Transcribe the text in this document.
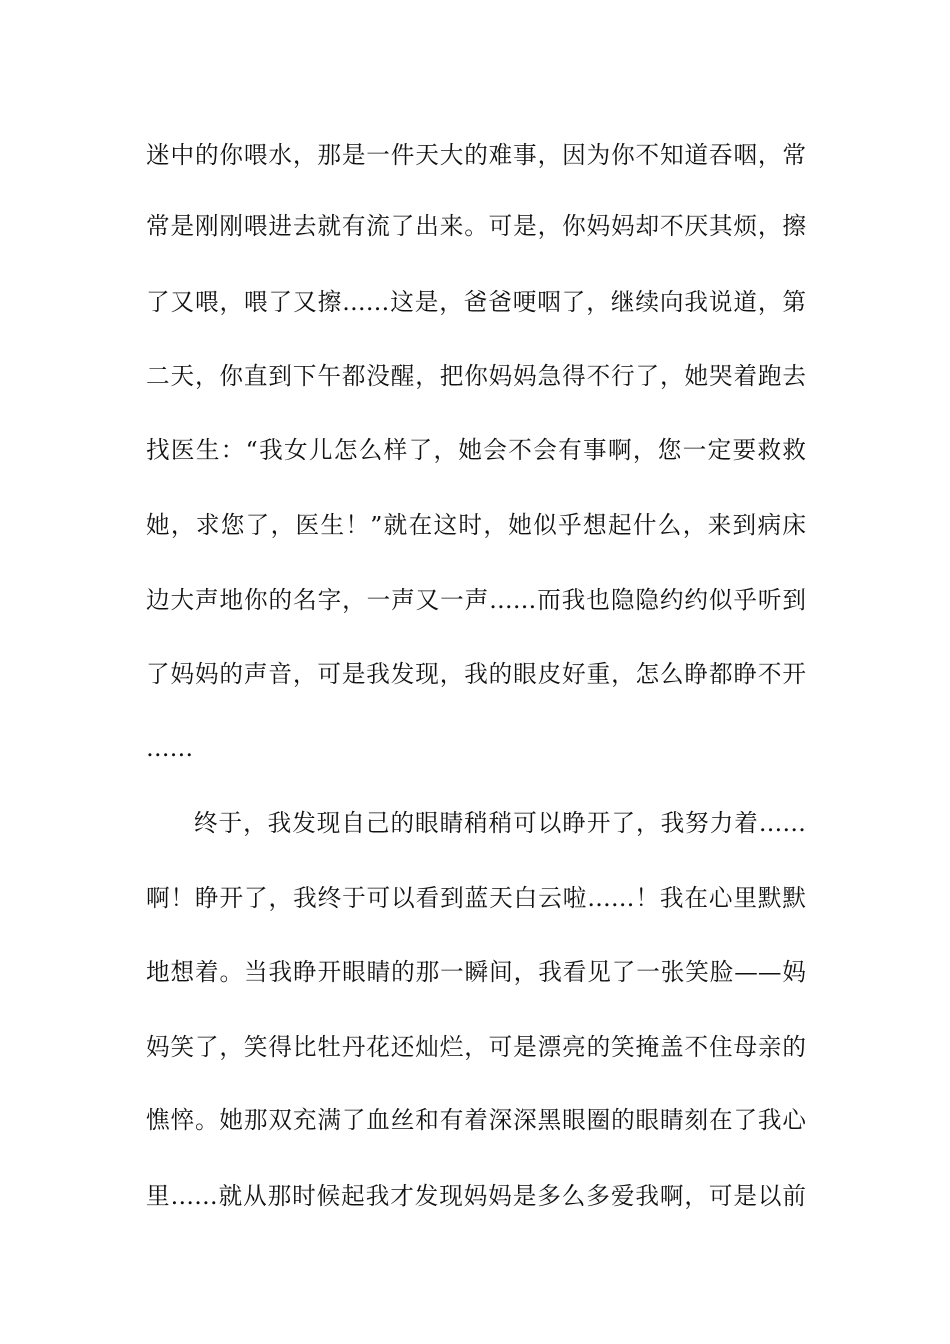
迷中的你喂水，那是一件天大的难事，因为你不知道吞咽，常
常是刚刚喂进去就有流了出来。可是，你妈妈却不厌其烦，擦
了又喂，喂了又擦……这是，爸爸哽咽了，继续向我说道，第
二天，你直到下午都没醒，把你妈妈急得不行了，她哭着跑去
找医生：“我女儿怎么样了，她会不会有事啊，您一定要救救
她，求您了，医生！”就在这时，她似乎想起什么，来到病床
边大声地你的名字，一声又一声……而我也隐隐约约似乎听到
了妈妈的声音，可是我发现，我的眼皮好重，怎么睁都睁不开
……
终于，我发现自己的眼睛稍稍可以睁开了，我努力着……
啊！睁开了，我终于可以看到蓝天白云啦……！我在心里默默
地想着。当我睁开眼睛的那一瞬间，我看见了一张笑脸——妈
妈笑了，笑得比牡丹花还灿烂，可是漂亮的笑掩盖不住母亲的
憔悴。她那双充满了血丝和有着深深黑眼圈的眼睛刻在了我心
里……就从那时候起我才发现妈妈是多么多爱我啊，可是以前
